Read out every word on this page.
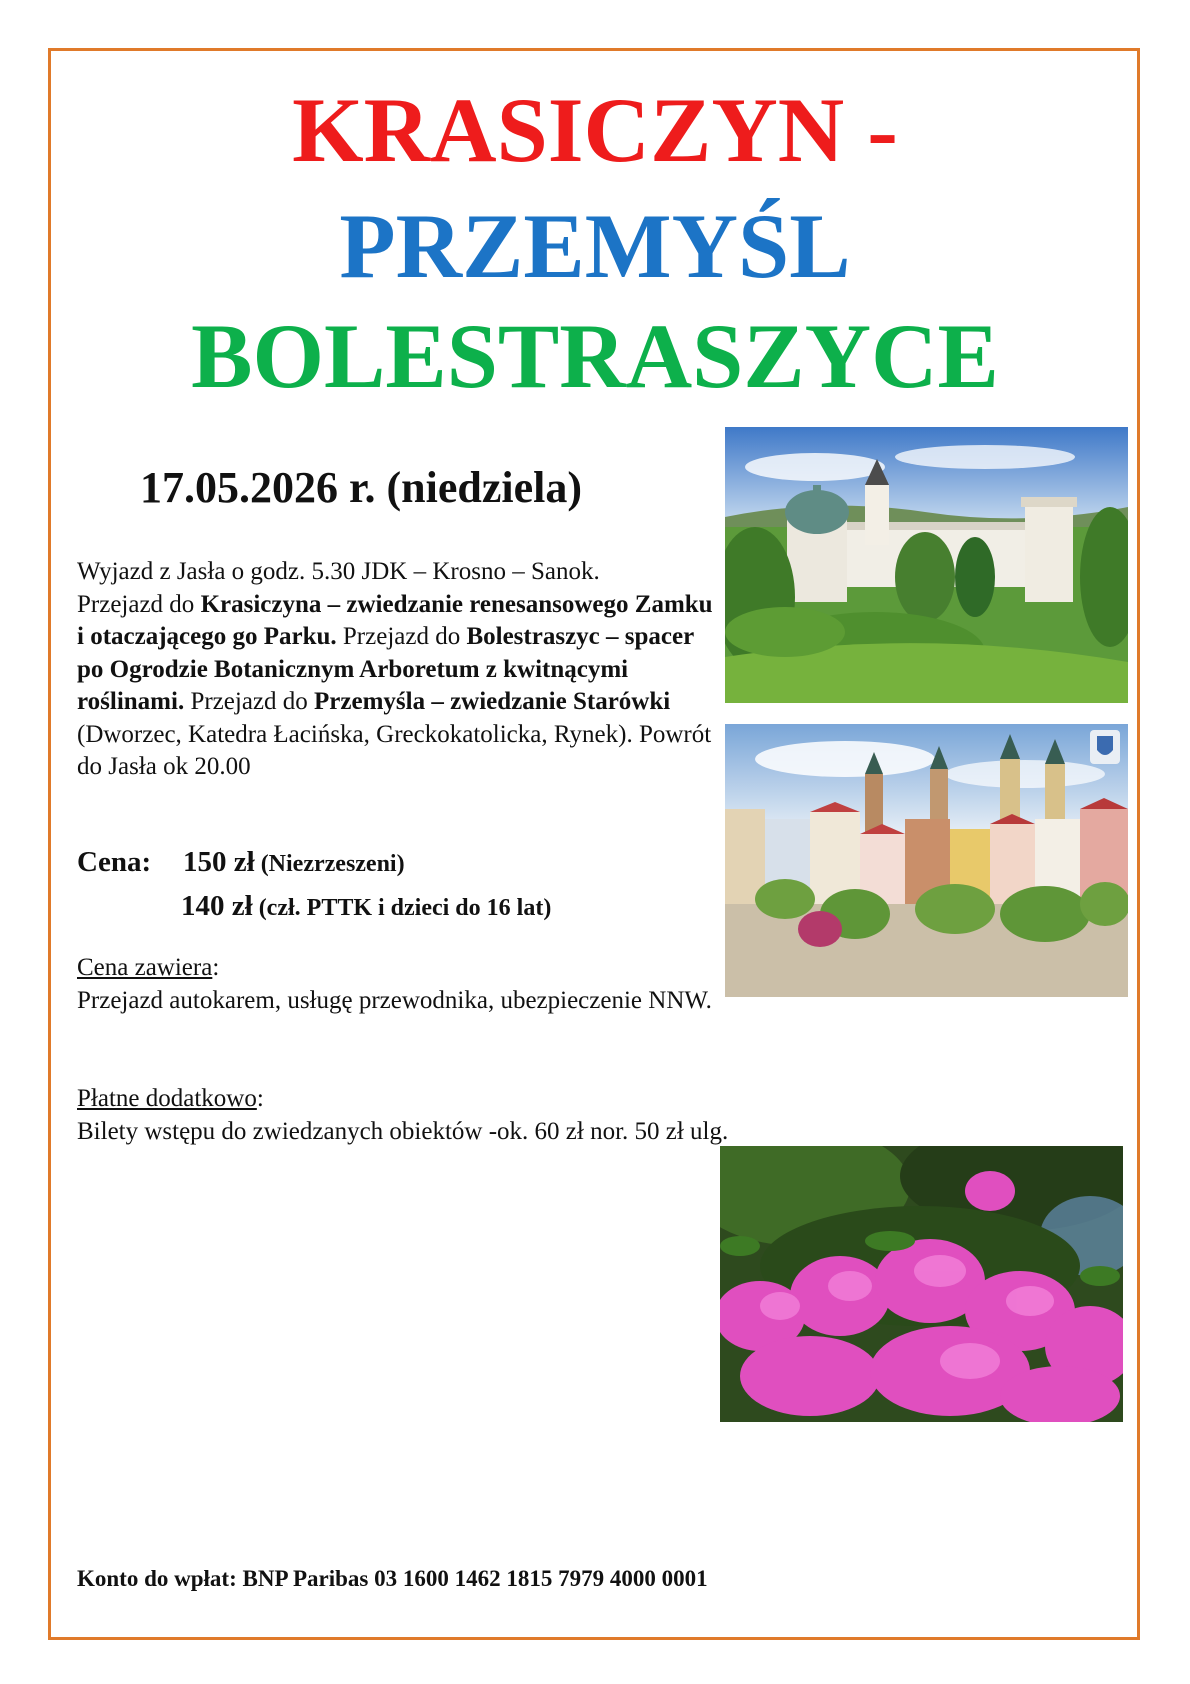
KRASICZYN -
PRZEMYŚL
BOLESTRASZYCE
17.05.2026 r. (niedziela)
Wyjazd z Jasła o godz. 5.30 JDK – Krosno – Sanok.
Przejazd do Krasiczyna – zwiedzanie renesansowego Zamku i otaczającego go Parku. Przejazd do Bolestraszyc – spacer po Ogrodzie Botanicznym Arboretum z kwitnącymi roślinami. Przejazd do Przemyśla – zwiedzanie Starówki (Dworzec, Katedra Łacińska, Greckokatolicka, Rynek). Powrót do Jasła ok 20.00
Cena: 150 zł (Niezrzeszeni)
140 zł (czł. PTTK i dzieci do 16 lat)
Cena zawiera:
Przejazd autokarem, usługę przewodnika, ubezpieczenie NNW.
Płatne dodatkowo:
Bilety wstępu do zwiedzanych obiektów -ok. 60 zł nor. 50 zł ulg.
Konto do wpłat: BNP Paribas 03 1600 1462 1815 7979 4000 0001
